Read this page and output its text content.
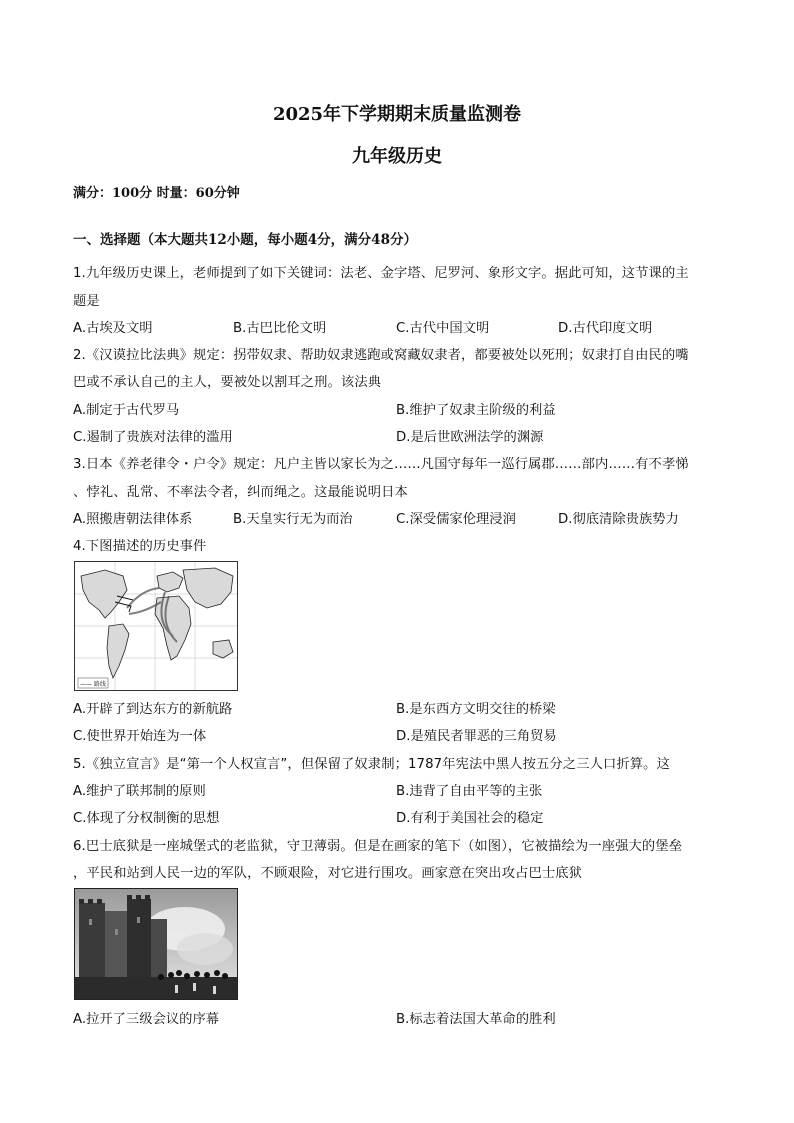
2025年下学期期末质量监测卷
九年级历史
满分：100分 时量：60分钟
一、选择题（本大题共12小题，每小题4分，满分48分）
1.九年级历史课上，老师提到了如下关键词：法老、金字塔、尼罗河、象形文字。据此可知，这节课的主
题是
A.古埃及文明	B.古巴比伦文明	C.古代中国文明	D.古代印度文明
2.《汉谟拉比法典》规定：拐带奴隶、帮助奴隶逃跑或窝藏奴隶者，都要被处以死刑；奴隶打自由民的嘴
巴或不承认自己的主人，要被处以割耳之刑。该法典
A.制定于古代罗马	B.维护了奴隶主阶级的利益
C.遏制了贵族对法律的滥用	D.是后世欧洲法学的渊源
3.日本《养老律令・户令》规定：凡户主皆以家长为之……凡国守每年一巡行属郡……部内……有不孝悌
、悖礼、乱常、不率法令者，纠而绳之。这最能说明日本
A.照搬唐朝法律体系	B.天皇实行无为而治	C.深受儒家伦理浸润	D.彻底清除贵族势力
4.下图描述的历史事件
—— 路线
A.开辟了到达东方的新航路	B.是东西方文明交往的桥梁
C.使世界开始连为一体	D.是殖民者罪恶的三角贸易
5.《独立宣言》是“第一个人权宣言”，但保留了奴隶制；1787年宪法中黑人按五分之三人口折算。这
A.维护了联邦制的原则	B.违背了自由平等的主张
C.体现了分权制衡的思想	D.有利于美国社会的稳定
6.巴士底狱是一座城堡式的老监狱，守卫薄弱。但是在画家的笔下（如图），它被描绘为一座强大的堡垒
，平民和站到人民一边的军队，不顾艰险，对它进行围攻。画家意在突出攻占巴士底狱
A.拉开了三级会议的序幕	B.标志着法国大革命的胜利
